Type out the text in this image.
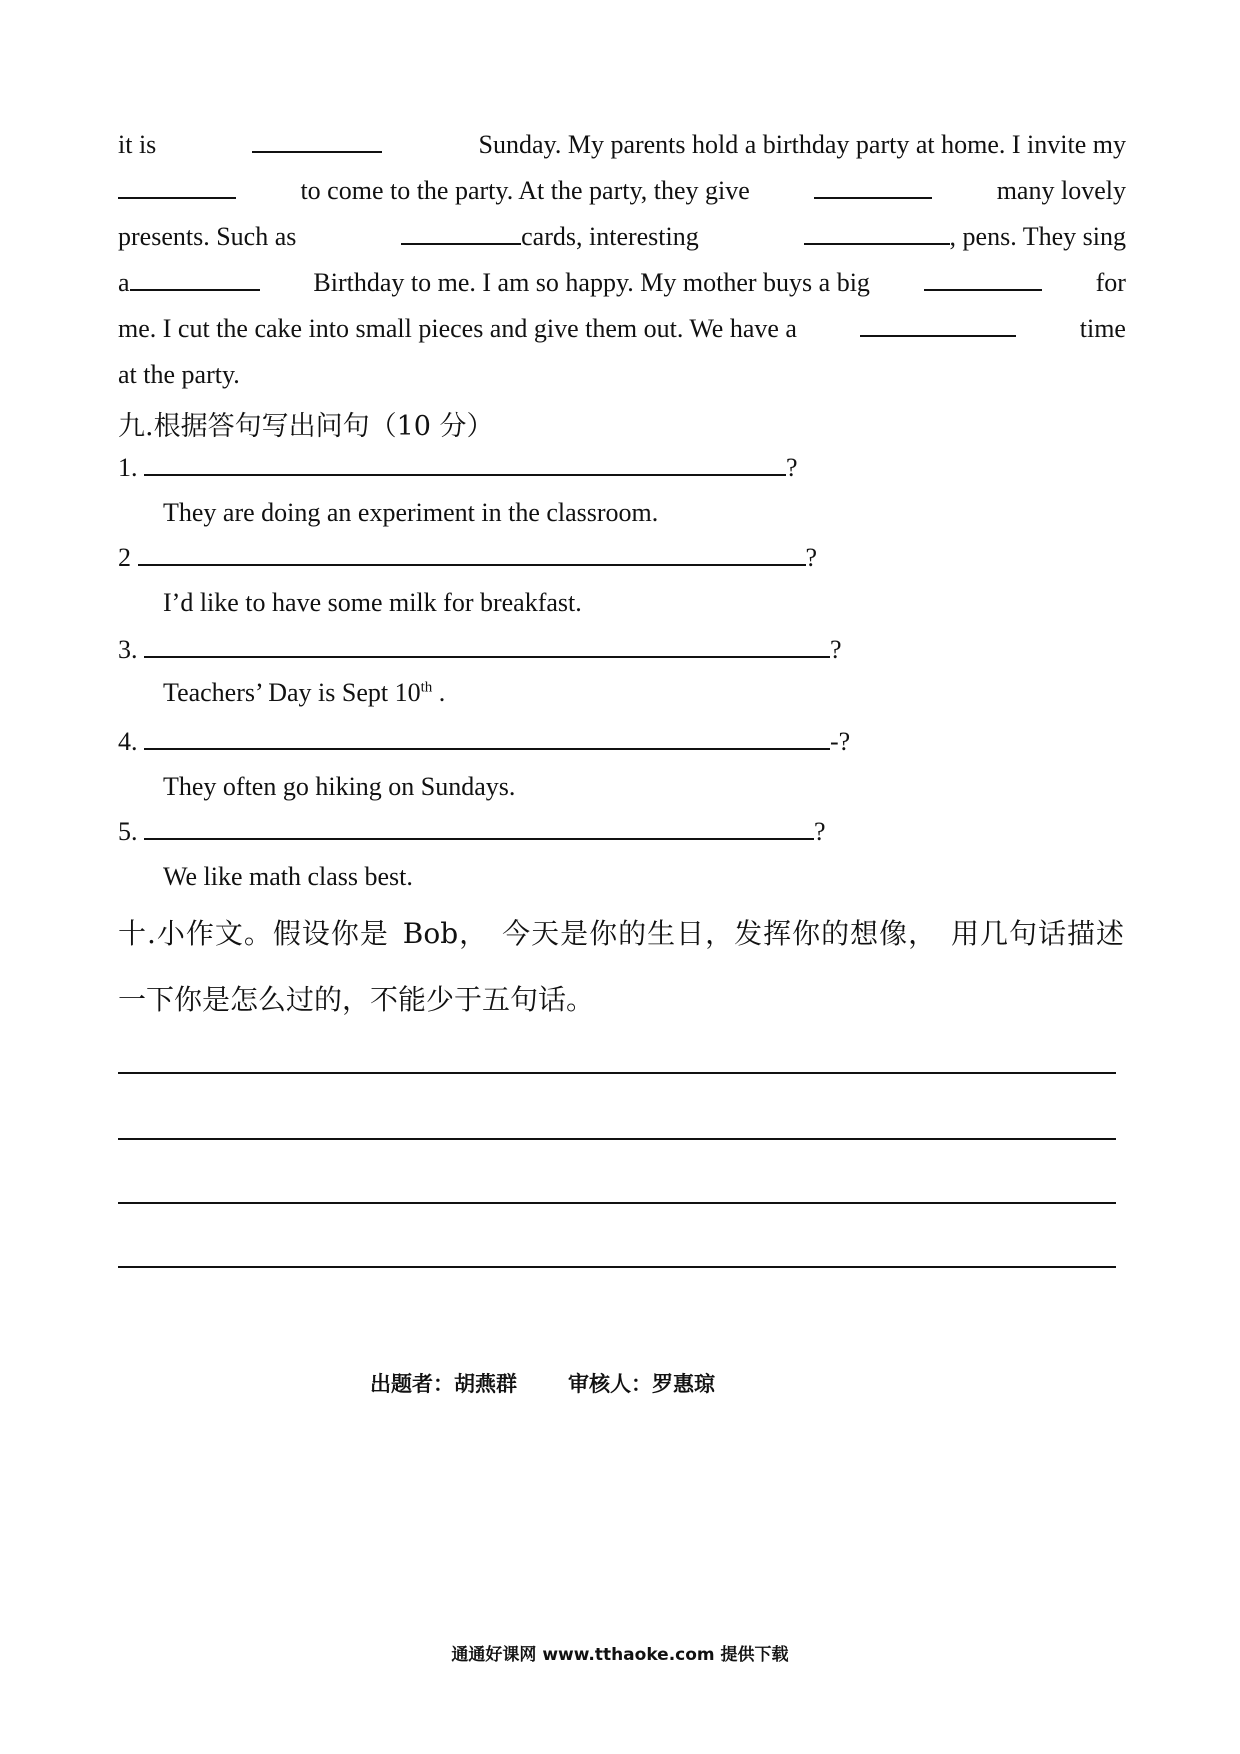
it is	Sunday. My parents hold a birthday party at home. I invite my
to come to the party. At the party, they give	many lovely
presents. Such as	cards, interesting	, pens. They sing
a	Birthday to me. I am so happy. My mother buys a big	for
me. I cut the cake into small pieces and give them out. We have a	time
at the party.
九.根据答句写出问句（10 分）
1.	?
They are doing an experiment in the classroom.
2	?
I’d like to have some milk for breakfast.
3.	?
Teachers’ Day is Sept 10th .
4.	-?
They often go hiking on Sundays.
5.	?
We like math class best.
十.小作文。假设你是 Bob， 今天是你的生日，发挥你的想像， 用几句话描述
一下你是怎么过的，不能少于五句话。
出题者：胡燕群 审核人：罗惠琼
通通好课网 www.tthaoke.com 提供下载
